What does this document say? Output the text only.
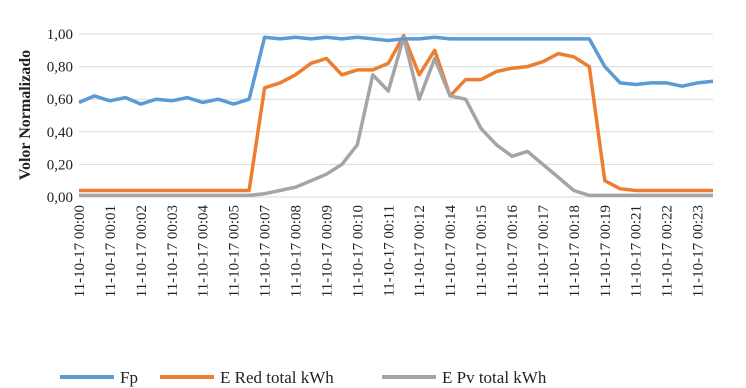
0,00
0,20
0,40
0,60
0,80
1,00
11-10-17 00:00 11-10-17 00:01 11-10-17 00:02 11-10-17 00:03 11-10-17 00:04 11-10-17 00:05 11-10-17 00:07 11-10-17 00:08 11-10-17 00:09 11-10-17 00:10 11-10-17 00:11 11-10-17 00:12 11-10-17 00:14 11-10-17 00:15 11-10-17 00:16 11-10-17 00:17 11-10-17 00:18 11-10-17 00:19 11-10-17 00:21 11-10-17 00:22 11-10-17 00:23
Volor Normalizado
Fp	E Red total kWh	E Pv total kWh
